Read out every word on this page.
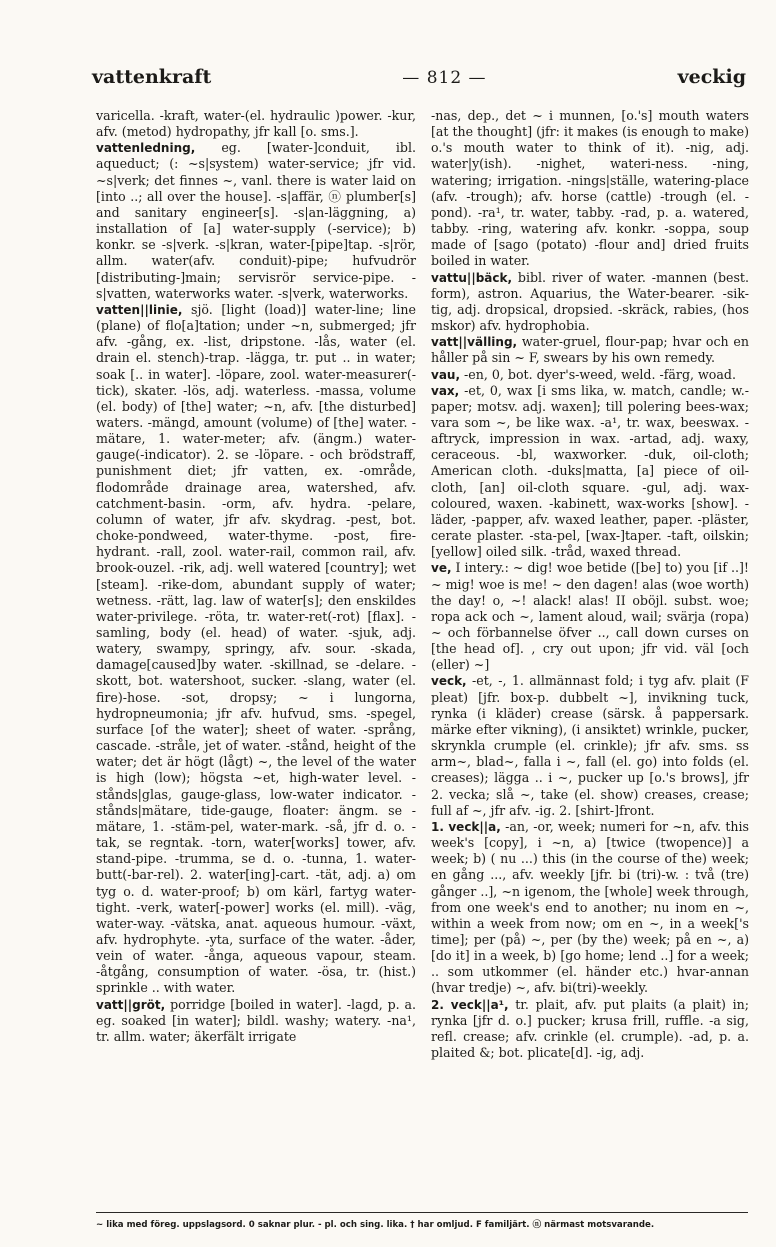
vattenkraft	— 812 —	veckig

varicella. -kraft, water-(el. hydraulic )power. -kur, afv. (metod) hydropathy, jfr kall [o. sms.].

vattenledning, eg. [water-]conduit, ibl. aqueduct; (: ~s|system) water-service; jfr vid. ~s|verk; det finnes ~, vanl. there is water laid on [into ..; all over the house]. -s|affär, ⓝ plumber[s] and sanitary engineer[s]. -s|an-läggning, a) installation of [a] water-supply (-service); b) konkr. se -s|verk. -s|kran, water-[pipe]tap. -s|rör, allm. water(afv. conduit)-pipe; hufvudrör [distributing-]main; servisrör service-pipe. -s|vatten, waterworks water. -s|verk, waterworks.

vatten||linie, sjö. [light (load)] water-line; line (plane) of flo[a]tation; under ~n, submerged; jfr afv. -gång, ex. -list, dripstone. -lås, water (el. drain el. stench)-trap. -lägga, tr. put .. in water; soak [.. in water]. -löpare, zool. water-measurer(-tick), skater. -lös, adj. waterless. -massa, volume (el. body) of [the] water; ~n, afv. [the disturbed] waters. -mängd, amount (volume) of [the] water. -mätare, 1. water-meter; afv. (ängm.) water-gauge(-indicator). 2. se -löpare. - och brödstraff, punishment diet; jfr vatten, ex. -område, flodområde drainage area, watershed, afv. catchment-basin. -orm, afv. hydra. -pelare, column of water, jfr afv. skydrag. -pest, bot. choke-pondweed, water-thyme. -post, fire-hydrant. -rall, zool. water-rail, common rail, afv. brook-ouzel. -rik, adj. well watered [country]; wet [steam]. -rike-dom, abundant supply of water; wetness. -rätt, lag. law of water[s]; den enskildes water-privilege. -röta, tr. water-ret(-rot) [flax]. -samling, body (el. head) of water. -sjuk, adj. watery, swampy, springy, afv. sour. -skada, damage[caused]by water. -skillnad, se -delare. -skott, bot. watershoot, sucker. -slang, water (el. fire)-hose. -sot, dropsy; ~ i lungorna, hydropneumonia; jfr afv. hufvud, sms. -spegel, surface [of the water]; sheet of water. -språng, cascade. -stråle, jet of water. -stånd, height of the water; det är högt (lågt) ~, the level of the water is high (low); högsta ~et, high-water level. -stånds|glas, gauge-glass, low-water indicator. -stånds|mätare, tide-gauge, floater: ängm. se -mätare, 1. -stäm-pel, water-mark. -så, jfr d. o. -tak, se regntak. -torn, water[works] tower, afv. stand-pipe. -trumma, se d. o. -tunna, 1. water-butt(-bar-rel). 2. water[ing]-cart. -tät, adj. a) om tyg o. d. water-proof; b) om kärl, fartyg water-tight. -verk, water[-power] works (el. mill). -väg, water-way. -vätska, anat. aqueous humour. -växt, afv. hydrophyte. -yta, surface of the water. -åder, vein of water. -ånga, aqueous vapour, steam. -åtgång, consumption of water. -ösa, tr. (hist.) sprinkle .. with water.

vatt||gröt, porridge [boiled in water]. -lagd, p. a. eg. soaked [in water]; bildl. washy; watery. -na¹, tr. allm. water; äkerfält irrigate

-nas, dep., det ~ i munnen, [o.'s] mouth waters [at the thought] (jfr: it makes (is enough to make) o.'s mouth water to think of it). -nig, adj. water|y(ish). -nighet, wateri-ness. -ning, watering; irrigation. -nings|ställe, watering-place (afv. -trough); afv. horse (cattle) -trough (el. -pond). -ra¹, tr. water, tabby. -rad, p. a. watered, tabby. -ring, watering afv. konkr. -soppa, soup made of [sago (potato) -flour and] dried fruits boiled in water.

vattu||bäck, bibl. river of water. -mannen (best. form), astron. Aquarius, the Water-bearer. -sik-tig, adj. dropsical, dropsied. -skräck, rabies, (hos mskor) afv. hydrophobia.

vatt||välling, water-gruel, flour-pap; hvar och en håller på sin ~ F, swears by his own remedy.

vau, -en, 0, bot. dyer's-weed, weld. -färg, woad.

vax, -et, 0, wax [i sms lika, w. match, candle; w.-paper; motsv. adj. waxen]; till polering bees-wax; vara som ~, be like wax. -a¹, tr. wax, beeswax. -aftryck, impression in wax. -artad, adj. waxy, ceraceous. -bl, waxworker. -duk, oil-cloth; American cloth. -duks|matta, [a] piece of oil-cloth, [an] oil-cloth square. -gul, adj. wax-coloured, waxen. -kabinett, wax-works [show]. -läder, -papper, afv. waxed leather, paper. -pläster, cerate plaster. -sta-pel, [wax-]taper. -taft, oilskin; [yellow] oiled silk. -tråd, waxed thread.

ve, I intery.: ~ dig! woe betide ([be] to) you [if ..]! ~ mig! woe is me! ~ den dagen! alas (woe worth) the day! o, ~! alack! alas! II oböjl. subst. woe; ropa ack och ~, lament aloud, wail; svärja (ropa) ~ och förbannelse öfver .., call down curses on [the head of]. , cry out upon; jfr vid. väl [och (eller) ~]

veck, -et, -, 1. allmännast fold; i tyg afv. plait (F pleat) [jfr. box-p. dubbelt ~], invikning tuck, rynka (i kläder) crease (särsk. å pappersark. märke efter vikning), (i ansiktet) wrinkle, pucker, skrynkla crumple (el. crinkle); jfr afv. sms. ss arm~, blad~, falla i ~, fall (el. go) into folds (el. creases); lägga .. i ~, pucker up [o.'s brows], jfr 2. vecka; slå ~, take (el. show) creases, crease; full af ~, jfr afv. -ig. 2. [shirt-]front.

1. veck||a, -an, -or, week; numeri for ~n, afv. this week's [copy], i ~n, a) [twice (twopence)] a week; b) ( nu ...) this (in the course of the) week; en gång ..., afv. weekly [jfr. bi (tri)-w. : två (tre) gånger ..], ~n igenom, the [whole] week through, from one week's end to another; nu inom en ~, within a week from now; om en ~, in a week['s time]; per (på) ~, per (by the) week; på en ~, a) [do it] in a week, b) [go home; lend ..] for a week; .. som utkommer (el. händer etc.) hvar-annan (hvar tredje) ~, afv. bi(tri)-weekly.

2. veck||a¹, tr. plait, afv. put plaits (a plait) in; rynka [jfr d. o.] pucker; krusa frill, ruffle. -a sig, refl. crease; afv. crinkle (el. crumple). -ad, p. a. plaited &; bot. plicate[d]. -ig, adj.

~ lika med föreg. uppslagsord. 0 saknar plur. - pl. och sing. lika. † har omljud. F familjärt. ⓝ närmast motsvarande.
